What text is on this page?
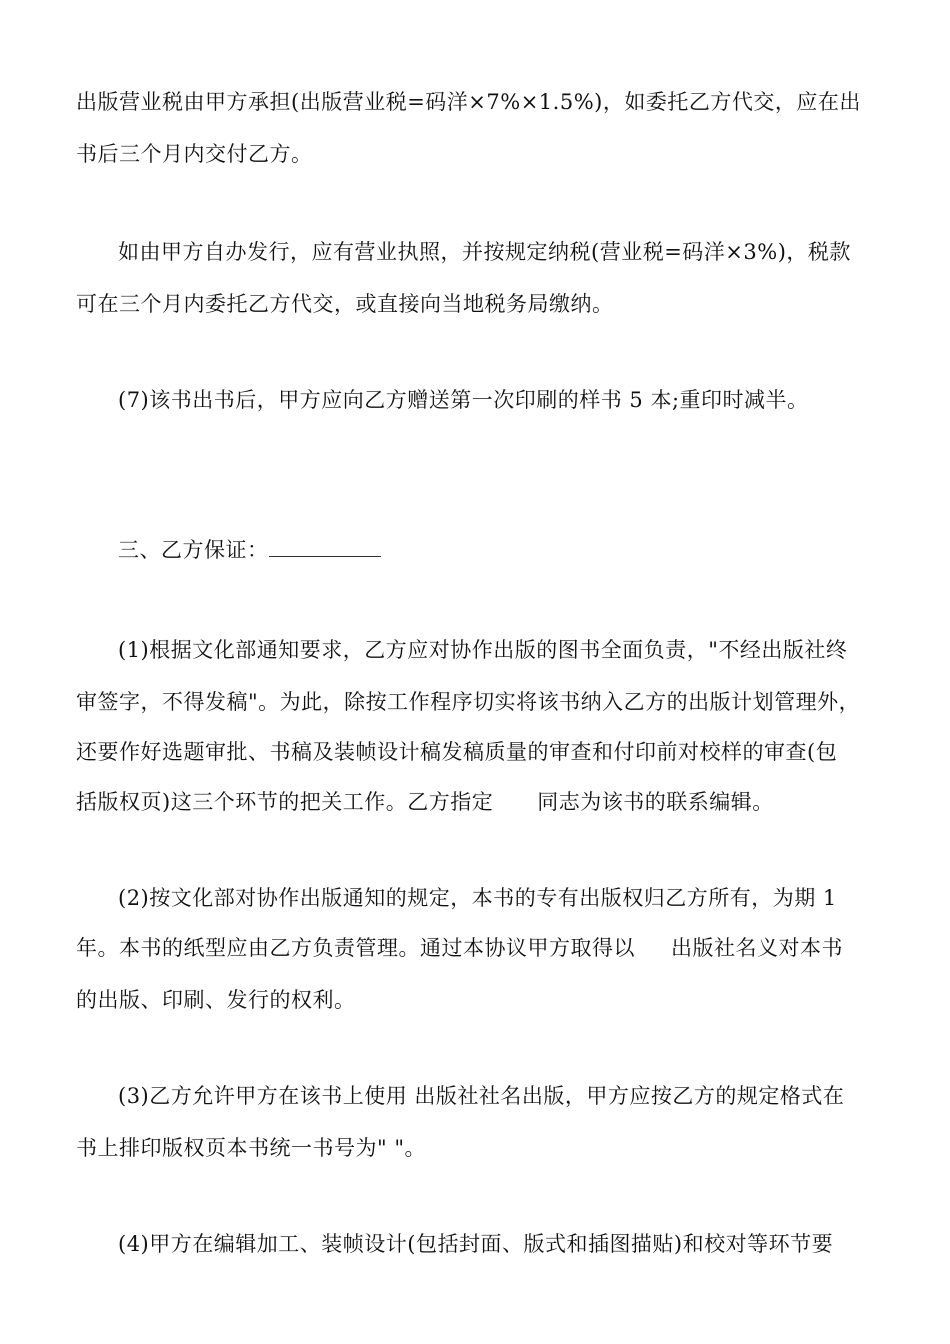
出版营业税由甲方承担(出版营业税=码洋×7%×1.5%)，如委托乙方代交，应在出
书后三个月内交付乙方。
如由甲方自办发行，应有营业执照，并按规定纳税(营业税=码洋×3%)，税款
可在三个月内委托乙方代交，或直接向当地税务局缴纳。
(7)该书出书后，甲方应向乙方赠送第一次印刷的样书 5 本;重印时减半。
三、乙方保证：
(1)根据文化部通知要求，乙方应对协作出版的图书全面负责，"不经出版社终
审签字，不得发稿"。为此，除按工作程序切实将该书纳入乙方的出版计划管理外，
还要作好选题审批、书稿及装帧设计稿发稿质量的审查和付印前对校样的审查(包
括版权页)这三个环节的把关工作。乙方指定 同志为该书的联系编辑。
(2)按文化部对协作出版通知的规定，本书的专有出版权归乙方所有，为期 1
年。本书的纸型应由乙方负责管理。通过本协议甲方取得以 出版社名义对本书
的出版、印刷、发行的权利。
(3)乙方允许甲方在该书上使用 出版社社名出版，甲方应按乙方的规定格式在
书上排印版权页本书统一书号为" "。
(4)甲方在编辑加工、装帧设计(包括封面、版式和插图描贴)和校对等环节要
